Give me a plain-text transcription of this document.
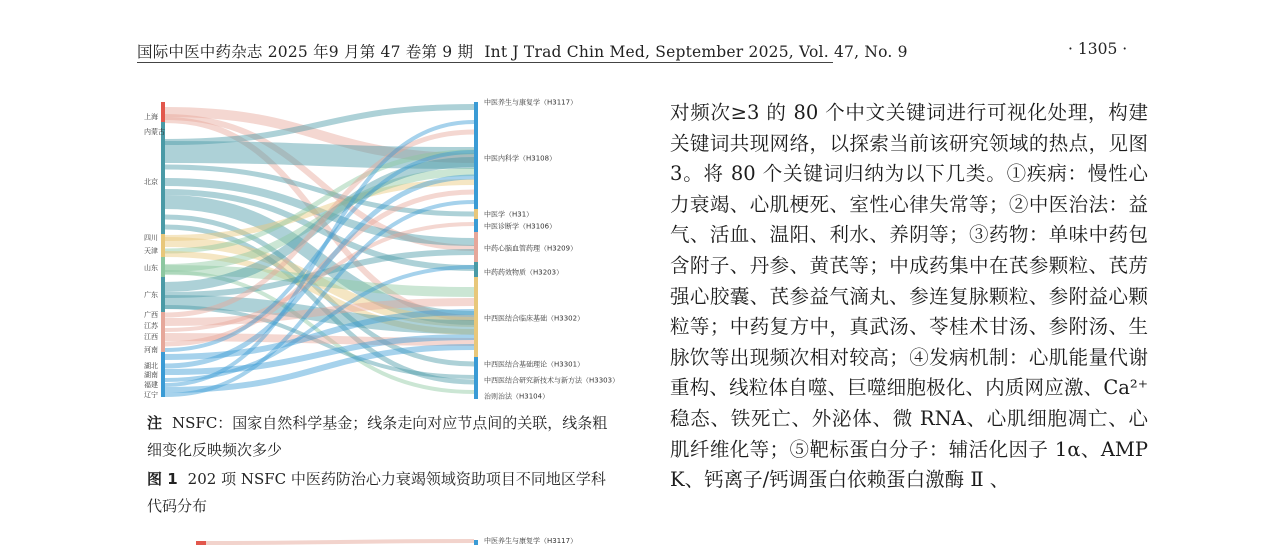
国际中医中药杂志 2025 年9 月第 47 卷第 9 期 Int J Trad Chin Med, September 2025, Vol. 47, No. 9	· 1305 ·
上海
内蒙古
北京
四川
天津
山东
广东
广西
江苏
江西
河南
湖北
湖南
福建
辽宁
中医养生与康复学（H3117）
中医内科学（H3108）
中医学（H31）
中医诊断学（H3106）
中药心脑血管药理（H3209）
中药药效物质（H3203）
中西医结合临床基础（H3302）
中西医结合基础理论（H3301）
中西医结合研究新技术与新方法（H3303）
治则治法（H3104）
中医养生与康复学（H3117）
注 NSFC：国家自然科学基金；线条走向对应节点间的关联，线条粗细变化反映频次多少
图 1 202 项 NSFC 中医药防治心力衰竭领域资助项目不同地区学科代码分布
对频次≥3 的 80 个中文关键词进行可视化处理，构建关键词共现网络，以探索当前该研究领域的热点，见图3。将 80 个关键词归纳为以下几类。①疾病：慢性心力衰竭、心肌梗死、室性心律失常等；②中医治法：益气、活血、温阳、利水、养阴等；③药物：单味中药包含附子、丹参、黄芪等；中成药集中在芪参颗粒、芪苈强心胶囊、芪参益气滴丸、参连复脉颗粒、参附益心颗粒等；中药复方中，真武汤、苓桂术甘汤、参附汤、生脉饮等出现频次相对较高；④发病机制：心肌能量代谢重构、线粒体自噬、巨噬细胞极化、内质网应激、Ca²⁺稳态、铁死亡、外泌体、微 RNA、心肌细胞凋亡、心肌纤维化等；⑤靶标蛋白分子：辅活化因子 1α、AMPK、钙离子/钙调蛋白依赖蛋白激酶 Ⅱ 、
